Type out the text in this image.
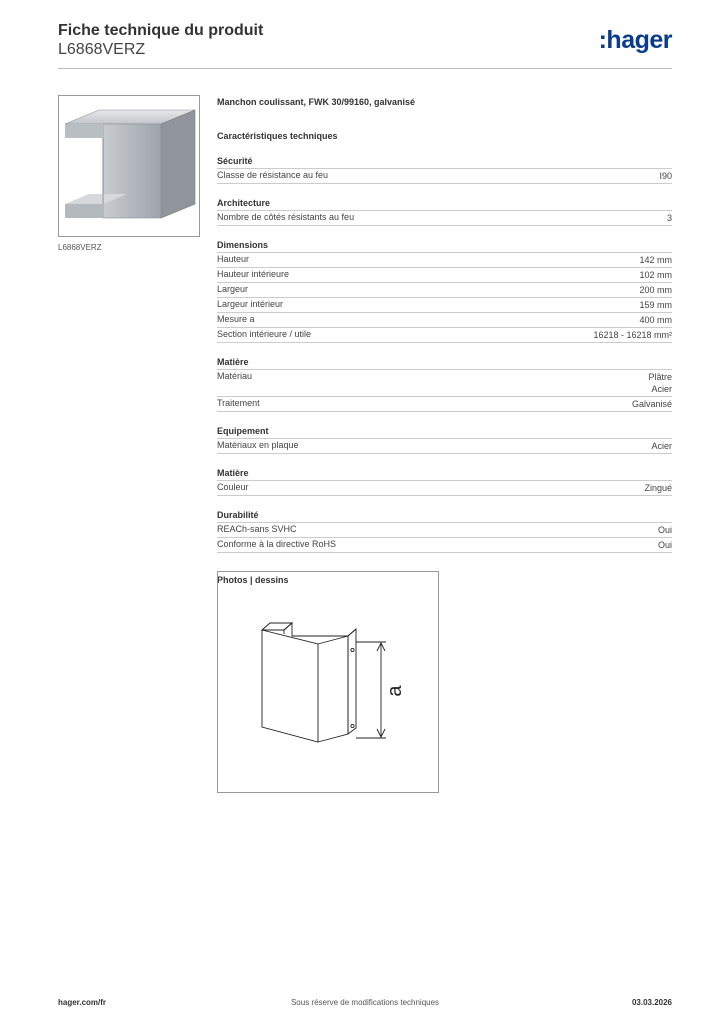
Fiche technique du produit
L6868VERZ	:hager
L6868VERZ
Manchon coulissant, FWK 30/99160, galvanisé
Caractéristiques techniques
Sécurité
Classe de résistance au feu	I90
Architecture
Nombre de côtés résistants au feu	3
Dimensions
Hauteur	142 mm
Hauteur intérieure	102 mm
Largeur	200 mm
Largeur intérieur	159 mm
Mesure a	400 mm
Section intérieure / utile	16218 - 16218 mm²
Matière
Matériau	Plâtre
Acier
Traitement	Galvanisé
Equipement
Matériaux en plaque	Acier
Matière
Couleur	Zingué
Durabilité
REACh-sans SVHC	Oui
Conforme à la directive RoHS	Oui
Photos | dessins
a
hager.com/fr	Sous réserve de modifications techniques	03.03.2026
